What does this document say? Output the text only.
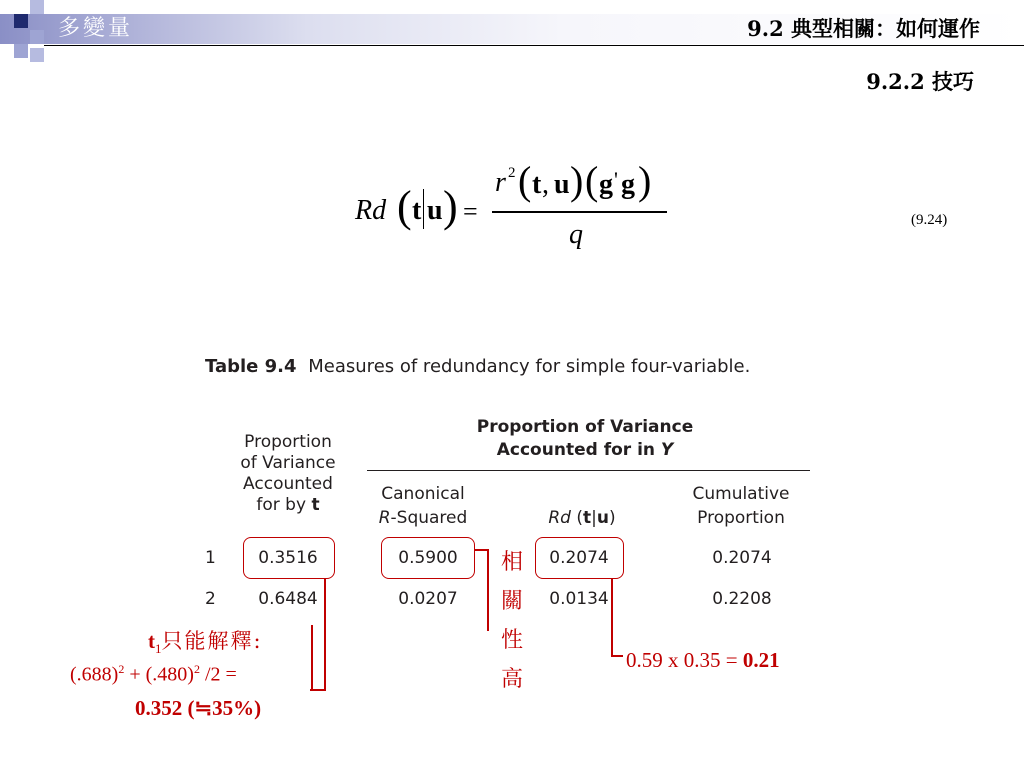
多變量	9.2 典型相關：如何運作
9.2.2 技巧
Rd ( t u ) =
r 2 ( t , u ) ( g ' g )
q	(9.24)
Table 9.4 Measures of redundancy for simple four-variable.
Proportion
of Variance
Accounted
for by t
Proportion of Variance
Accounted for in Y
Canonical
R-Squared	Rd (t|u)
Cumulative
Proportion
1	0.3516	0.5900	0.2074	0.2074
2	0.6484	0.0207	0.0134	0.2208
$t_1$只能解釋:
$(.688)^2 + (.480)^2$ /2 =
0.352 (≒35%)
相
關
性
高
0.59 x 0.35 = 0.21
